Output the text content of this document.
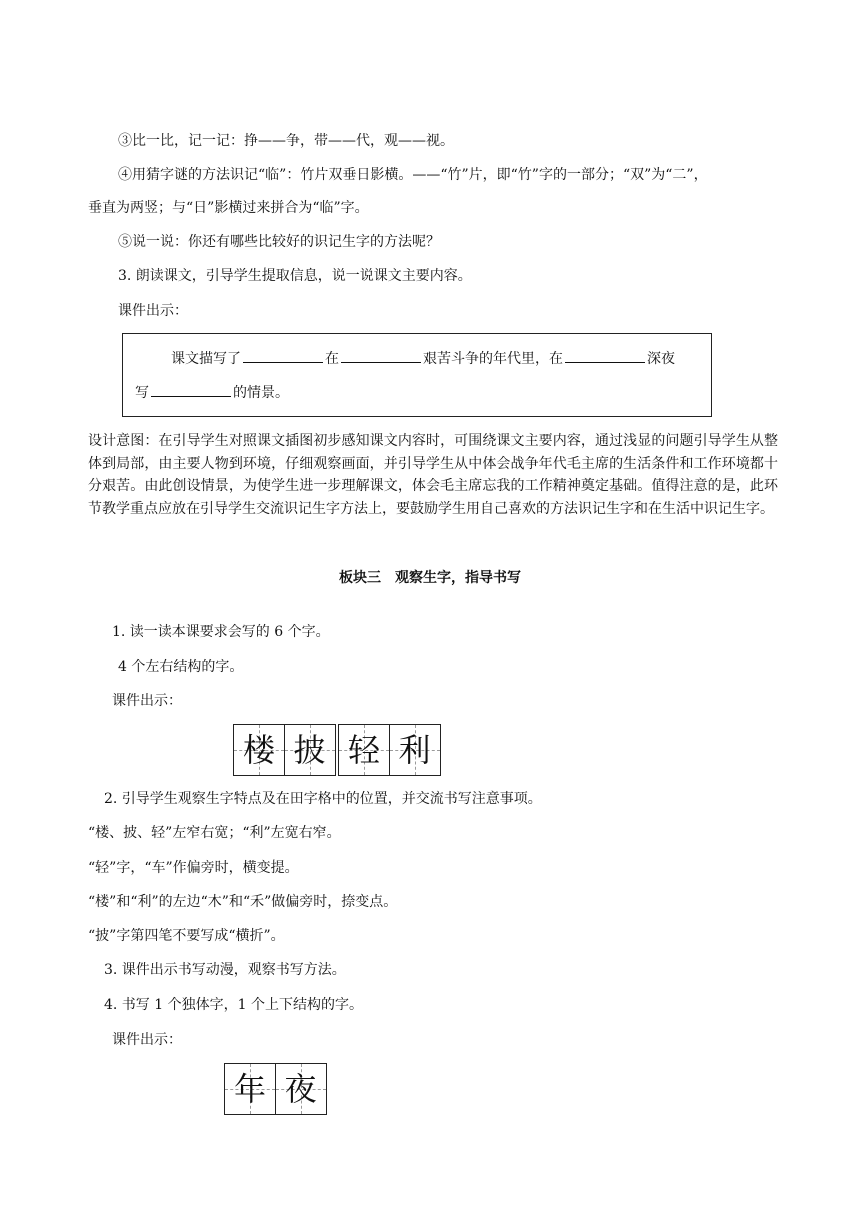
③比一比，记一记：挣——争，带——代，观——视。
④用猜字谜的方法识记“临”：竹片双垂日影横。——“竹”片，即“竹”字的一部分；“双”为“二”，
垂直为两竖；与“日”影横过来拼合为“临”字。
⑤说一说：你还有哪些比较好的识记生字的方法呢？
3. 朗读课文，引导学生提取信息，说一说课文主要内容。
课件出示：
课文描写了	在	艰苦斗争的年代里，在	深夜
写	的情景。
设计意图：在引导学生对照课文插图初步感知课文内容时，可围绕课文主要内容，通过浅显的问题引导学生从整体到局部，由主要人物到环境，仔细观察画面，并引导学生从中体会战争年代毛主席的生活条件和工作环境都十分艰苦。由此创设情景，为使学生进一步理解课文，体会毛主席忘我的工作精神奠定基础。值得注意的是，此环节教学重点应放在引导学生交流识记生字方法上，要鼓励学生用自己喜欢的方法识记生字和在生活中识记生字。
板块三　观察生字，指导书写
1. 读一读本课要求会写的 6 个字。
4 个左右结构的字。
课件出示：
楼 披 轻 利
2. 引导学生观察生字特点及在田字格中的位置，并交流书写注意事项。
“楼、披、轻”左窄右宽；“利”左宽右窄。
“轻”字，“车”作偏旁时，横变提。
“楼”和“利”的左边“木”和“禾”做偏旁时，捺变点。
“披”字第四笔不要写成“横折”。
3. 课件出示书写动漫，观察书写方法。
4. 书写 1 个独体字，1 个上下结构的字。
课件出示：
年 夜
